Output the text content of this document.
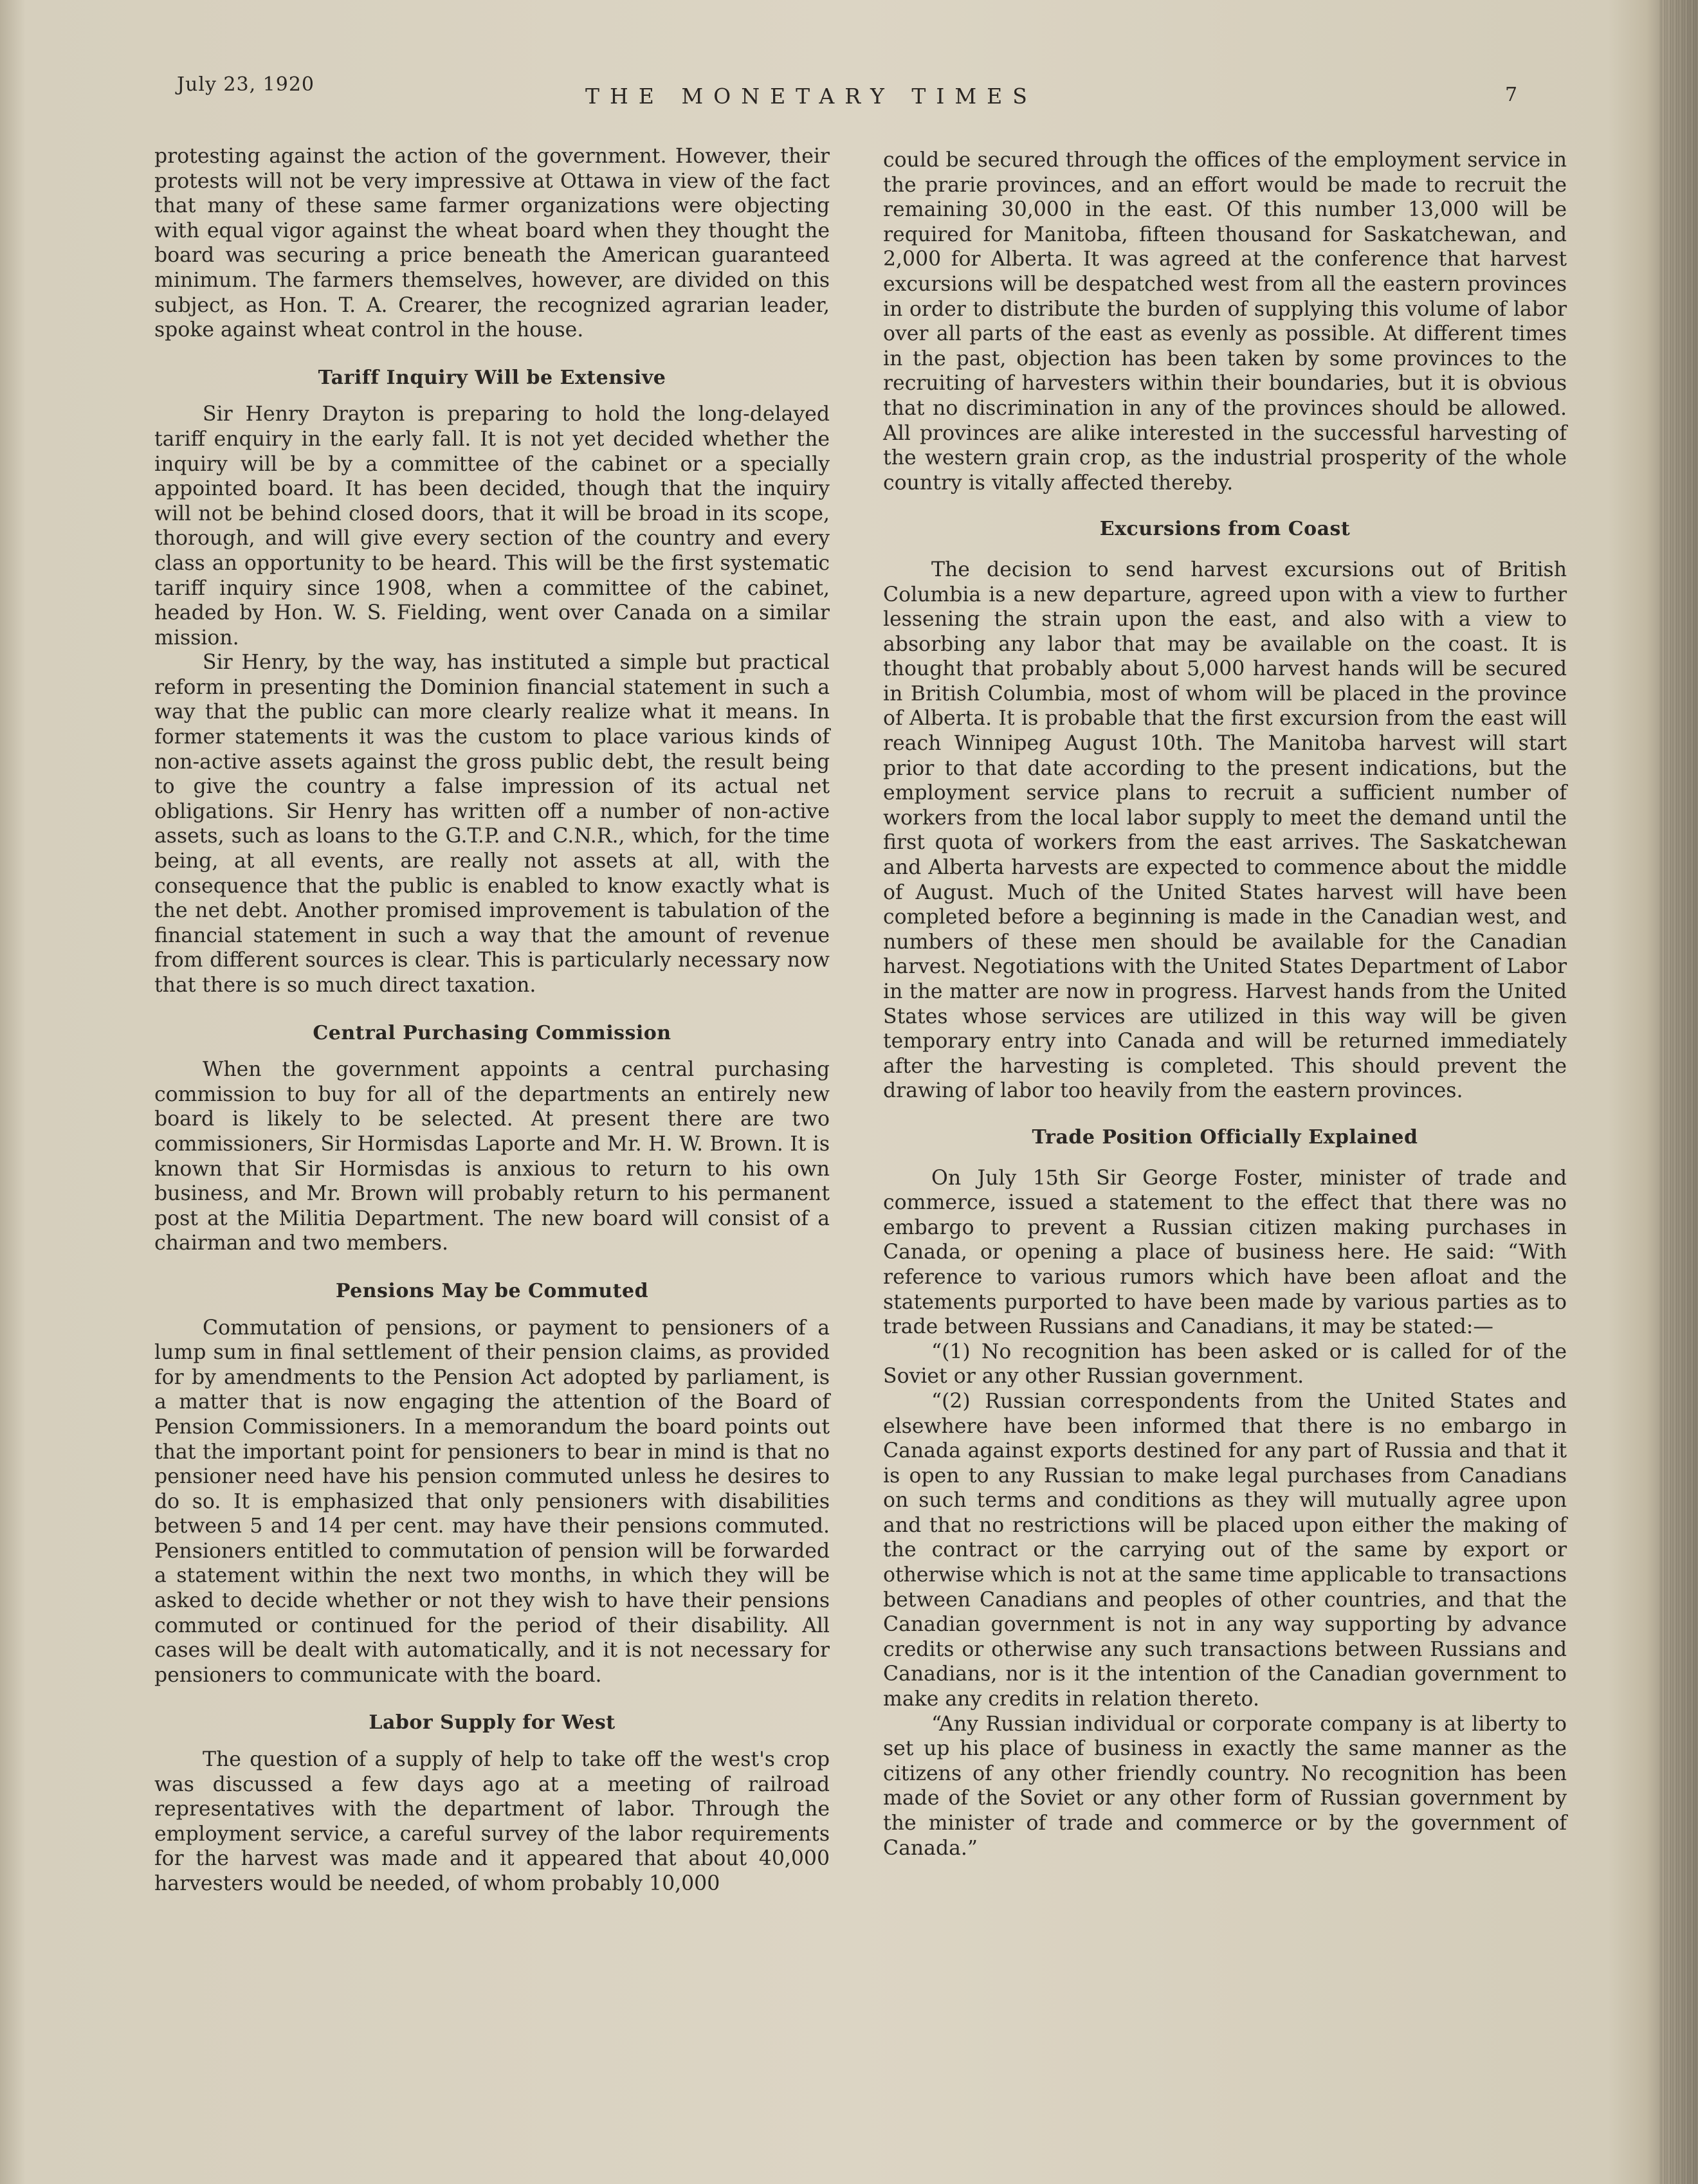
July 23, 1920	THE MONETARY TIMES	7

protesting against the action of the government. However, their protests will not be very impressive at Ottawa in view of the fact that many of these same farmer organizations were objecting with equal vigor against the wheat board when they thought the board was securing a price beneath the American guaranteed minimum. The farmers themselves, however, are divided on this subject, as Hon. T. A. Crearer, the recognized agrarian leader, spoke against wheat control in the house.

Tariff Inquiry Will be Extensive

Sir Henry Drayton is preparing to hold the long-delayed tariff enquiry in the early fall. It is not yet decided whether the inquiry will be by a committee of the cabinet or a specially appointed board. It has been decided, though that the inquiry will not be behind closed doors, that it will be broad in its scope, thorough, and will give every section of the country and every class an opportunity to be heard. This will be the first systematic tariff inquiry since 1908, when a committee of the cabinet, headed by Hon. W. S. Fielding, went over Canada on a similar mission.

Sir Henry, by the way, has instituted a simple but practical reform in presenting the Dominion financial statement in such a way that the public can more clearly realize what it means. In former statements it was the custom to place various kinds of non-active assets against the gross public debt, the result being to give the country a false impression of its actual net obligations. Sir Henry has written off a number of non-active assets, such as loans to the G.T.P. and C.N.R., which, for the time being, at all events, are really not assets at all, with the consequence that the public is enabled to know exactly what is the net debt. Another promised improvement is tabulation of the financial statement in such a way that the amount of revenue from different sources is clear. This is particularly necessary now that there is so much direct taxation.

Central Purchasing Commission

When the government appoints a central purchasing commission to buy for all of the departments an entirely new board is likely to be selected. At present there are two commissioners, Sir Hormisdas Laporte and Mr. H. W. Brown. It is known that Sir Hormisdas is anxious to return to his own business, and Mr. Brown will probably return to his permanent post at the Militia Department. The new board will consist of a chairman and two members.

Pensions May be Commuted

Commutation of pensions, or payment to pensioners of a lump sum in final settlement of their pension claims, as provided for by amendments to the Pension Act adopted by parliament, is a matter that is now engaging the attention of the Board of Pension Commissioners. In a memorandum the board points out that the important point for pensioners to bear in mind is that no pensioner need have his pension commuted unless he desires to do so. It is emphasized that only pensioners with disabilities between 5 and 14 per cent. may have their pensions commuted. Pensioners entitled to commutation of pension will be forwarded a statement within the next two months, in which they will be asked to decide whether or not they wish to have their pensions commuted or continued for the period of their disability. All cases will be dealt with automatically, and it is not necessary for pensioners to communicate with the board.

Labor Supply for West

The question of a supply of help to take off the west's crop was discussed a few days ago at a meeting of railroad representatives with the department of labor. Through the employment service, a careful survey of the labor requirements for the harvest was made and it appeared that about 40,000 harvesters would be needed, of whom probably 10,000

could be secured through the offices of the employment service in the prarie provinces, and an effort would be made to recruit the remaining 30,000 in the east. Of this number 13,000 will be required for Manitoba, fifteen thousand for Saskatchewan, and 2,000 for Alberta. It was agreed at the conference that harvest excursions will be despatched west from all the eastern provinces in order to distribute the burden of supplying this volume of labor over all parts of the east as evenly as possible. At different times in the past, objection has been taken by some provinces to the recruiting of harvesters within their boundaries, but it is obvious that no discrimination in any of the provinces should be allowed. All provinces are alike interested in the successful harvesting of the western grain crop, as the industrial prosperity of the whole country is vitally affected thereby.

Excursions from Coast

The decision to send harvest excursions out of British Columbia is a new departure, agreed upon with a view to further lessening the strain upon the east, and also with a view to absorbing any labor that may be available on the coast. It is thought that probably about 5,000 harvest hands will be secured in British Columbia, most of whom will be placed in the province of Alberta. It is probable that the first excursion from the east will reach Winnipeg August 10th. The Manitoba harvest will start prior to that date according to the present indications, but the employment service plans to recruit a sufficient number of workers from the local labor supply to meet the demand until the first quota of workers from the east arrives. The Saskatchewan and Alberta harvests are expected to commence about the middle of August. Much of the United States harvest will have been completed before a beginning is made in the Canadian west, and numbers of these men should be available for the Canadian harvest. Negotiations with the United States Department of Labor in the matter are now in progress. Harvest hands from the United States whose services are utilized in this way will be given temporary entry into Canada and will be returned immediately after the harvesting is completed. This should prevent the drawing of labor too heavily from the eastern provinces.

Trade Position Officially Explained

On July 15th Sir George Foster, minister of trade and commerce, issued a statement to the effect that there was no embargo to prevent a Russian citizen making purchases in Canada, or opening a place of business here. He said: “With reference to various rumors which have been afloat and the statements purported to have been made by various parties as to trade between Russians and Canadians, it may be stated:—

“(1) No recognition has been asked or is called for of the Soviet or any other Russian government.

“(2) Russian correspondents from the United States and elsewhere have been informed that there is no embargo in Canada against exports destined for any part of Russia and that it is open to any Russian to make legal purchases from Canadians on such terms and conditions as they will mutually agree upon and that no restrictions will be placed upon either the making of the contract or the carrying out of the same by export or otherwise which is not at the same time applicable to transactions between Canadians and peoples of other countries, and that the Canadian government is not in any way supporting by advance credits or otherwise any such transactions between Russians and Canadians, nor is it the intention of the Canadian government to make any credits in relation thereto.

“Any Russian individual or corporate company is at liberty to set up his place of business in exactly the same manner as the citizens of any other friendly country. No recognition has been made of the Soviet or any other form of Russian government by the minister of trade and commerce or by the government of Canada.”
